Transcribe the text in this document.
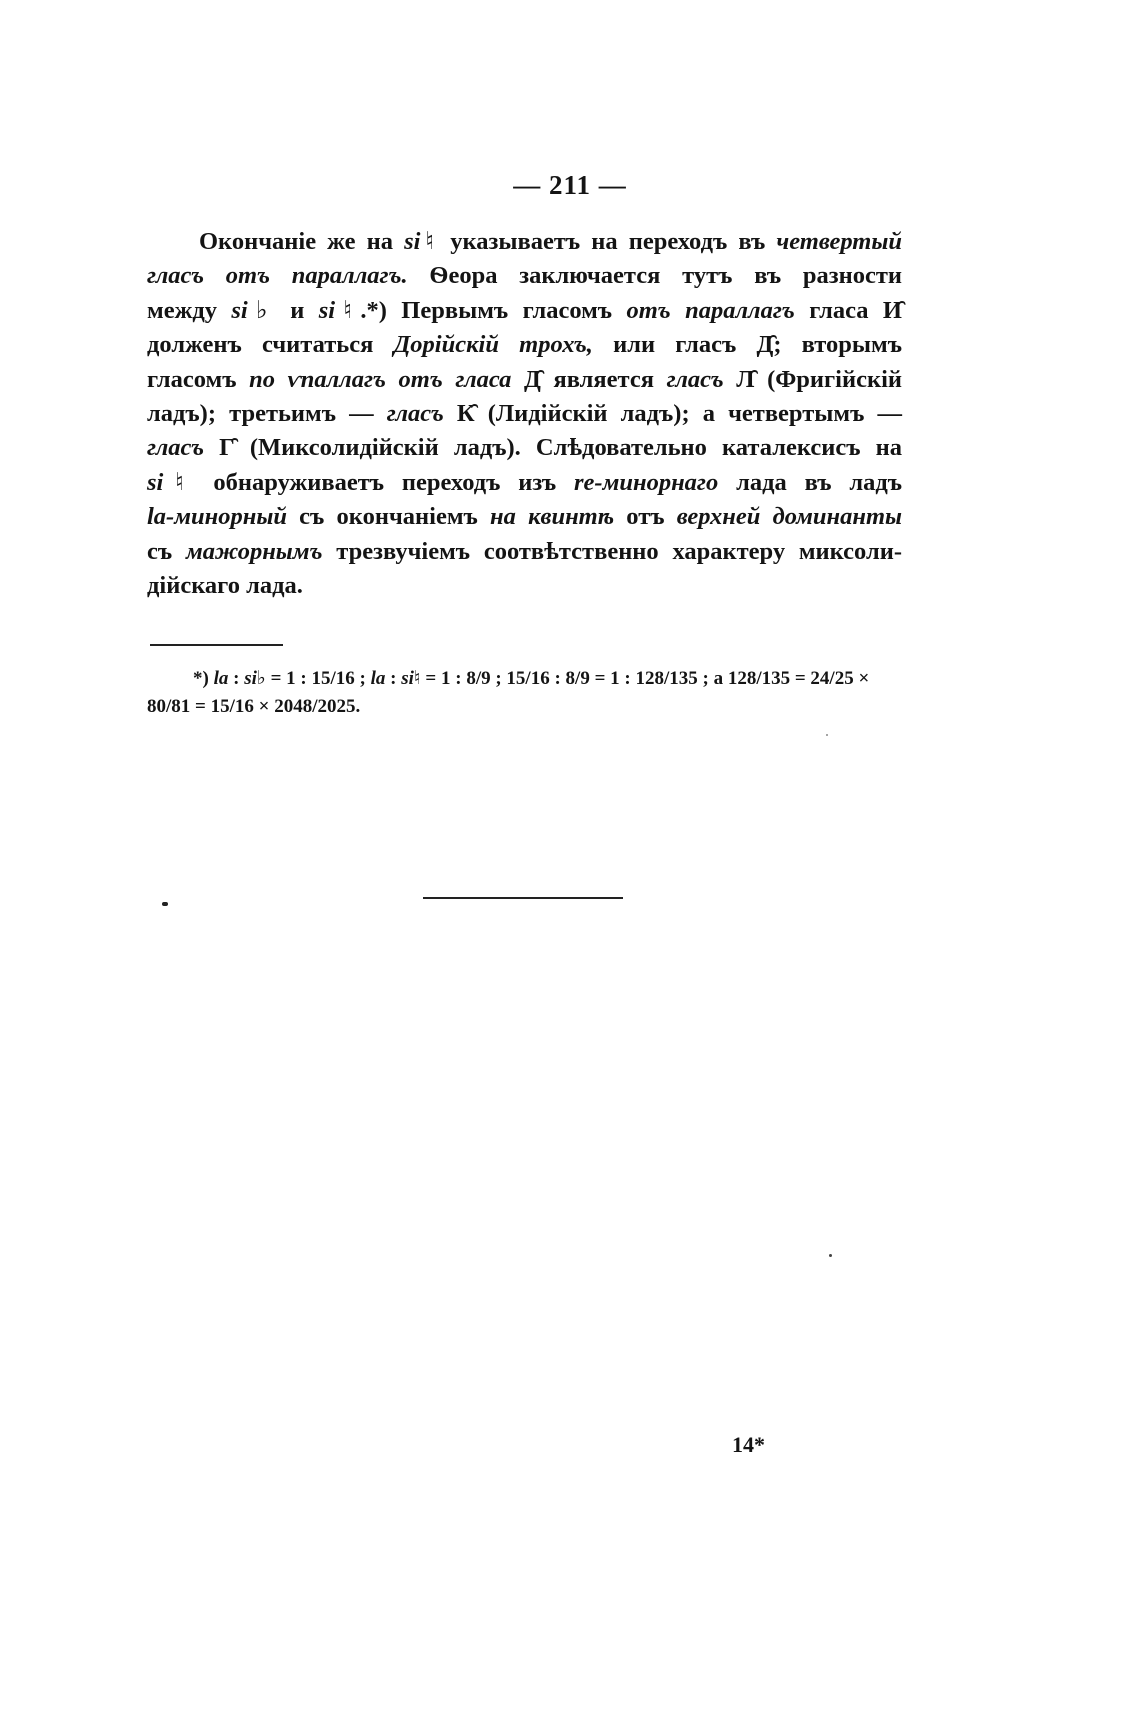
— 211 —
Окончаніе же на si♮ указываетъ на переходъ въ четвертый
гласъ отъ параллагъ. Ѳеора заключается тутъ въ разности
между si♭ и si♮.*) Первымъ гласомъ отъ параллагъ гласа И̑
долженъ считаться Дорійскій трохъ, или гласъ Д̑; вторымъ
гласомъ по ѵпаллагъ отъ гласа Д̑ является гласъ Л̑ (Фригійскій
ладъ); третьимъ — гласъ К̑ (Лидійскій ладъ); а четвертымъ —
гласъ Г̑ (Миксолидійскій ладъ). Слѣдовательно каталексисъ на
si♮ обнаруживаетъ переходъ изъ re-минорнаго лада въ ладъ
la-минорный съ окончаніемъ на квинтѣ отъ верхней доминанты
съ мажорнымъ трезвучіемъ соотвѣтственно характеру миксоли-
дійскаго лада.
*) la : si♭ = 1 : 15/16 ; la : si♮ = 1 : 8/9 ; 15/16 : 8/9 = 1 : 128/135 ; а 128/135 = 24/25 ×
80/81 = 15/16 × 2048/2025.
14*
